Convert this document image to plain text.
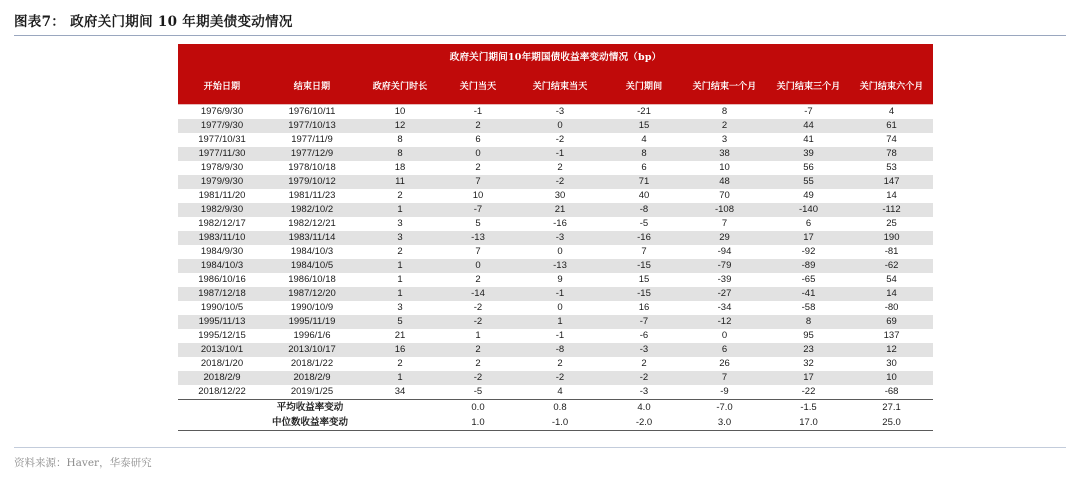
图表7： 政府关门期间 10 年期美债变动情况
政府关门期间10年期国债收益率变动情况（bp）								
开始日期	结束日期	政府关门时长	关门当天	关门结束当天	关门期间	关门结束一个月	关门结束三个月	关门结束六个月
1976/9/30	1976/10/11	10	-1	-3	-21	8	-7	4
1977/9/30	1977/10/13	12	2	0	15	2	44	61
1977/10/31	1977/11/9	8	6	-2	4	3	41	74
1977/11/30	1977/12/9	8	0	-1	8	38	39	78
1978/9/30	1978/10/18	18	2	2	6	10	56	53
1979/9/30	1979/10/12	11	7	-2	71	48	55	147
1981/11/20	1981/11/23	2	10	30	40	70	49	14
1982/9/30	1982/10/2	1	-7	21	-8	-108	-140	-112
1982/12/17	1982/12/21	3	5	-16	-5	7	6	25
1983/11/10	1983/11/14	3	-13	-3	-16	29	17	190
1984/9/30	1984/10/3	2	7	0	7	-94	-92	-81
1984/10/3	1984/10/5	1	0	-13	-15	-79	-89	-62
1986/10/16	1986/10/18	1	2	9	15	-39	-65	54
1987/12/18	1987/12/20	1	-14	-1	-15	-27	-41	14
1990/10/5	1990/10/9	3	-2	0	16	-34	-58	-80
1995/11/13	1995/11/19	5	-2	1	-7	-12	8	69
1995/12/15	1996/1/6	21	1	-1	-6	0	95	137
2013/10/1	2013/10/17	16	2	-8	-3	6	23	12
2018/1/20	2018/1/22	2	2	2	2	26	32	30
2018/2/9	2018/2/9	1	-2	-2	-2	7	17	10
2018/12/22	2019/1/25	34	-5	4	-3	-9	-22	-68
平均收益率变动			0.0	0.8	4.0	-7.0	-1.5	27.1
中位数收益率变动			1.0	-1.0	-2.0	3.0	17.0	25.0
资料来源：Haver，华泰研究
